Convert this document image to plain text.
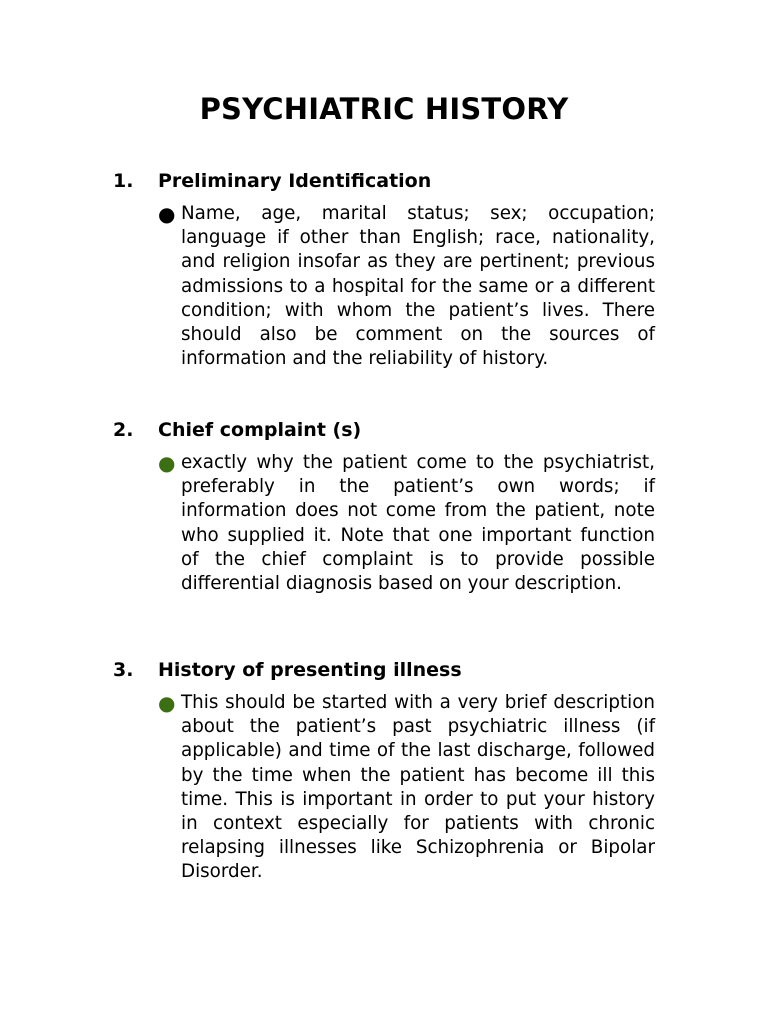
PSYCHIATRIC HISTORY
1. Preliminary Identification
● Name, age, marital status; sex; occupation; language if other than English; race, nationality, and religion insofar as they are pertinent; previous admissions to a hospital for the same or a different condition; with whom the patient’s lives. There should also be comment on the sources of information and the reliability of history.
2. Chief complaint (s)
● exactly why the patient come to the psychiatrist, preferably in the patient’s own words; if information does not come from the patient, note who supplied it. Note that one important function of the chief complaint is to provide possible differential diagnosis based on your description.
3. History of presenting illness
● This should be started with a very brief description about the patient’s past psychiatric illness (if applicable) and time of the last discharge, followed by the time when the patient has become ill this time. This is important in order to put your history in context especially for patients with chronic relapsing illnesses like Schizophrenia or Bipolar Disorder.
